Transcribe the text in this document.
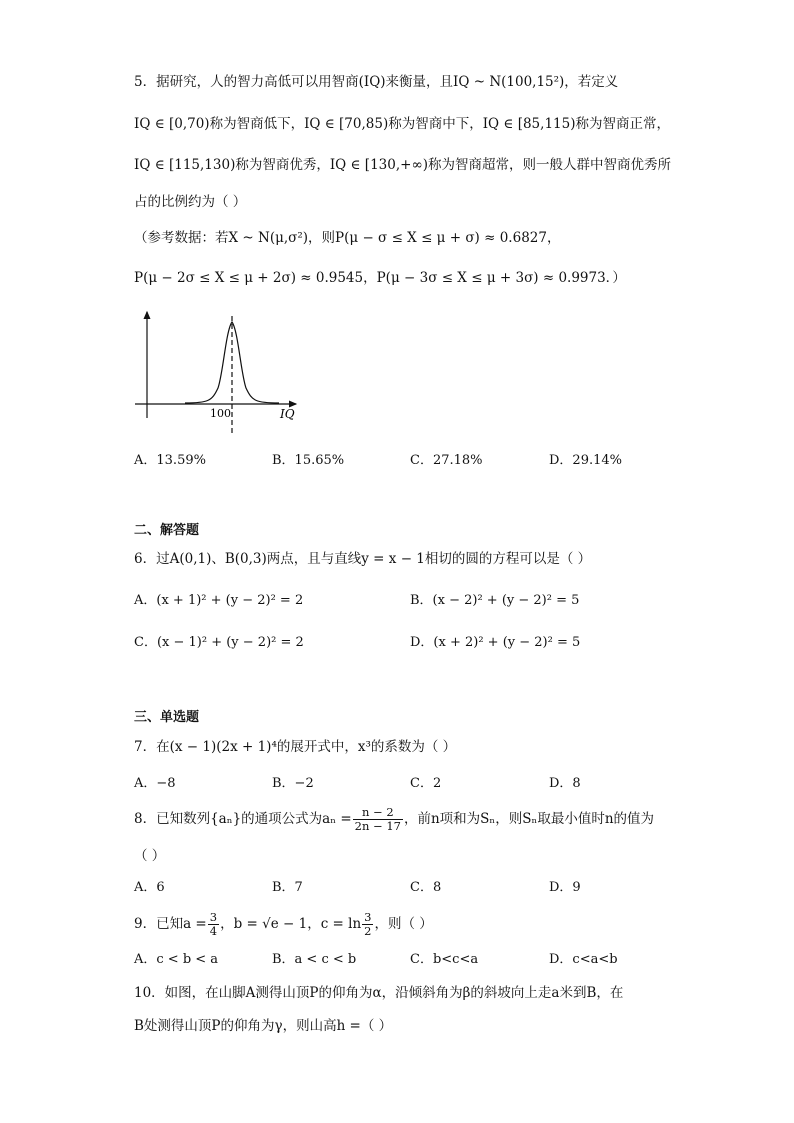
5．据研究，人的智力高低可以用智商(IQ)来衡量，且IQ ~ N(100,15²)，若定义
IQ ∈ [0,70)称为智商低下，IQ ∈ [70,85)称为智商中下，IQ ∈ [85,115)称为智商正常，
IQ ∈ [115,130)称为智商优秀，IQ ∈ [130,+∞)称为智商超常，则一般人群中智商优秀所
占的比例约为（ ）
（参考数据：若X ~ N(μ,σ²)，则P(μ − σ ≤ X ≤ μ + σ) ≈ 0.6827，
P(μ − 2σ ≤ X ≤ μ + 2σ) ≈ 0.9545，P(μ − 3σ ≤ X ≤ μ + 3σ) ≈ 0.9973．）
100	IQ
A．13.59%	B．15.65%	C．27.18%	D．29.14%
二、解答题
6．过A(0,1)、B(0,3)两点，且与直线y = x − 1相切的圆的方程可以是（ ）
A．(x + 1)² + (y − 2)² = 2	B．(x − 2)² + (y − 2)² = 5
C．(x − 1)² + (y − 2)² = 2	D．(x + 2)² + (y − 2)² = 5
三、单选题
7．在(x − 1)(2x + 1)⁴的展开式中，x³的系数为（ ）
A．−8	B．−2	C．2	D．8
8．已知数列{aₙ}的通项公式为$a_n = \frac{n - 2}{2n - 17}$ ，前n项和为Sₙ，则Sₙ取最小值时n的值为
（ ）
A．6	B．7	C．8	D．9
9．已知$a = \frac{3}{4}$ ，b = √e − 1，$c = \ln \frac{3}{2}$ ，则（ ）
A．c < b < a	B．a < c < b	C．b<c<a	D．c<a<b
10．如图，在山脚A测得山顶P的仰角为α，沿倾斜角为β的斜坡向上走a米到B，在
B处测得山顶P的仰角为γ，则山高h =（ ）
